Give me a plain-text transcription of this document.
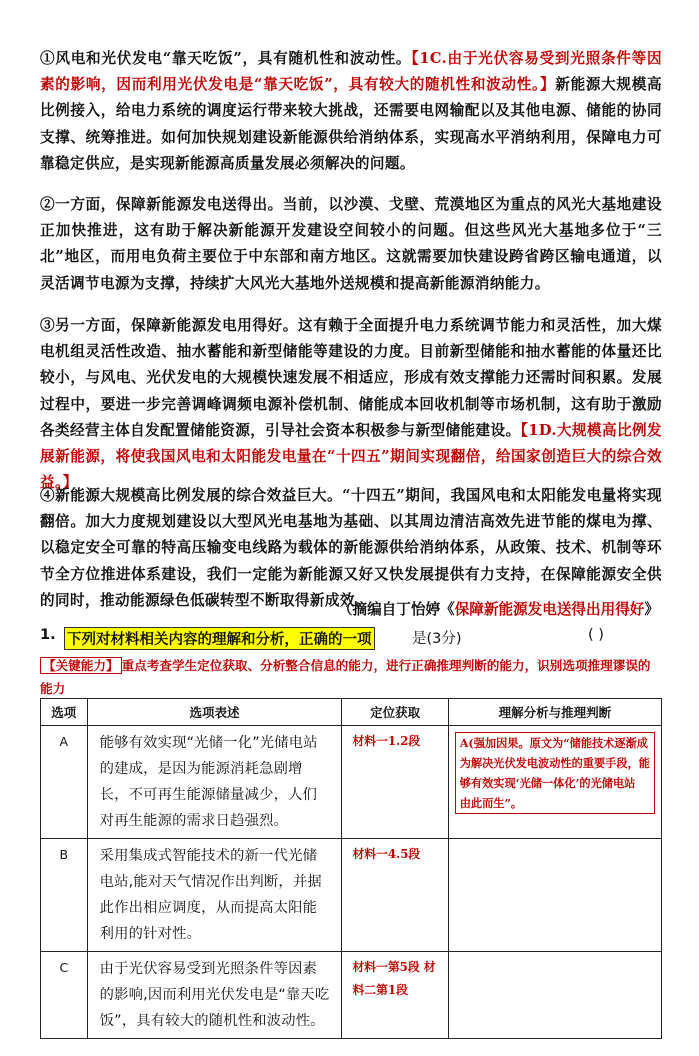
①风电和光伏发电“靠天吃饭”，具有随机性和波动性。【1C.由于光伏容易受到光照条件等因素的影响，因而利用光伏发电是“靠天吃饭”，具有较大的随机性和波动性。】新能源大规模高比例接入，给电力系统的调度运行带来较大挑战，还需要电网输配以及其他电源、储能的协同支撑、统筹推进。如何加快规划建设新能源供给消纳体系，实现高水平消纳利用，保障电力可靠稳定供应，是实现新能源高质量发展必须解决的问题。
②一方面，保障新能源发电送得出。当前，以沙漠、戈壁、荒漠地区为重点的风光大基地建设正加快推进，这有助于解决新能源开发建设空间较小的问题。但这些风光大基地多位于“三北”地区，而用电负荷主要位于中东部和南方地区。这就需要加快建设跨省跨区输电通道，以灵活调节电源为支撑，持续扩大风光大基地外送规模和提高新能源消纳能力。
③另一方面，保障新能源发电用得好。这有赖于全面提升电力系统调节能力和灵活性，加大煤电机组灵活性改造、抽水蓄能和新型储能等建设的力度。目前新型储能和抽水蓄能的体量还比较小，与风电、光伏发电的大规模快速发展不相适应，形成有效支撑能力还需时间积累。发展过程中，要进一步完善调峰调频电源补偿机制、储能成本回收机制等市场机制，这有助于激励各类经营主体自发配置储能资源，引导社会资本积极参与新型储能建设。【1D.大规模高比例发展新能源，将使我国风电和太阳能发电量在“十四五”期间实现翻倍，给国家创造巨大的综合效益。】
④新能源大规模高比例发展的综合效益巨大。“十四五”期间，我国风电和太阳能发电量将实现翻倍。加大力度规划建设以大型风光电基地为基础、以其周边清洁高效先进节能的煤电为撑、以稳定安全可靠的特高压输变电线路为载体的新能源供给消纳体系，从政策、技术、机制等环节全方位推进体系建设，我们一定能为新能源又好又快发展提供有力支持，在保障能源安全供的同时，推动能源绿色低碳转型不断取得新成效。
（摘编自丁怡婷《保障新能源发电送得出用得好》
1. 下列对材料相关内容的理解和分析，正确的一项	是(3分)	( )
【关键能力】 重点考查学生定位获取、分析整合信息的能力，进行正确推理判断的能力，识别选项推理谬误的能力
选项	选项表述	定位获取	理解分析与推理判断
A	能够有效实现“光储一化”光储电站的建成，是因为能源消耗急剧增长，不可再生能源储量减少，人们对再生能源的需求日趋强烈。	材料一1.2段	A(强加因果。原文为“储能技术逐渐成为解决光伏发电波动性的重要手段，能够有效实现‘光储一体化’的光储电站 由此而生”。

B	采用集成式智能技术的新一代光储电站,能对天气情况作出判断，并据此作出相应调度，从而提高太阳能利用的针对性。	材料一4.5段	
C	由于光伏容易受到光照条件等因素的影响,因而利用光伏发电是“靠天吃饭”，具有较大的随机性和波动性。	材料一第5段 材料二第1段	
